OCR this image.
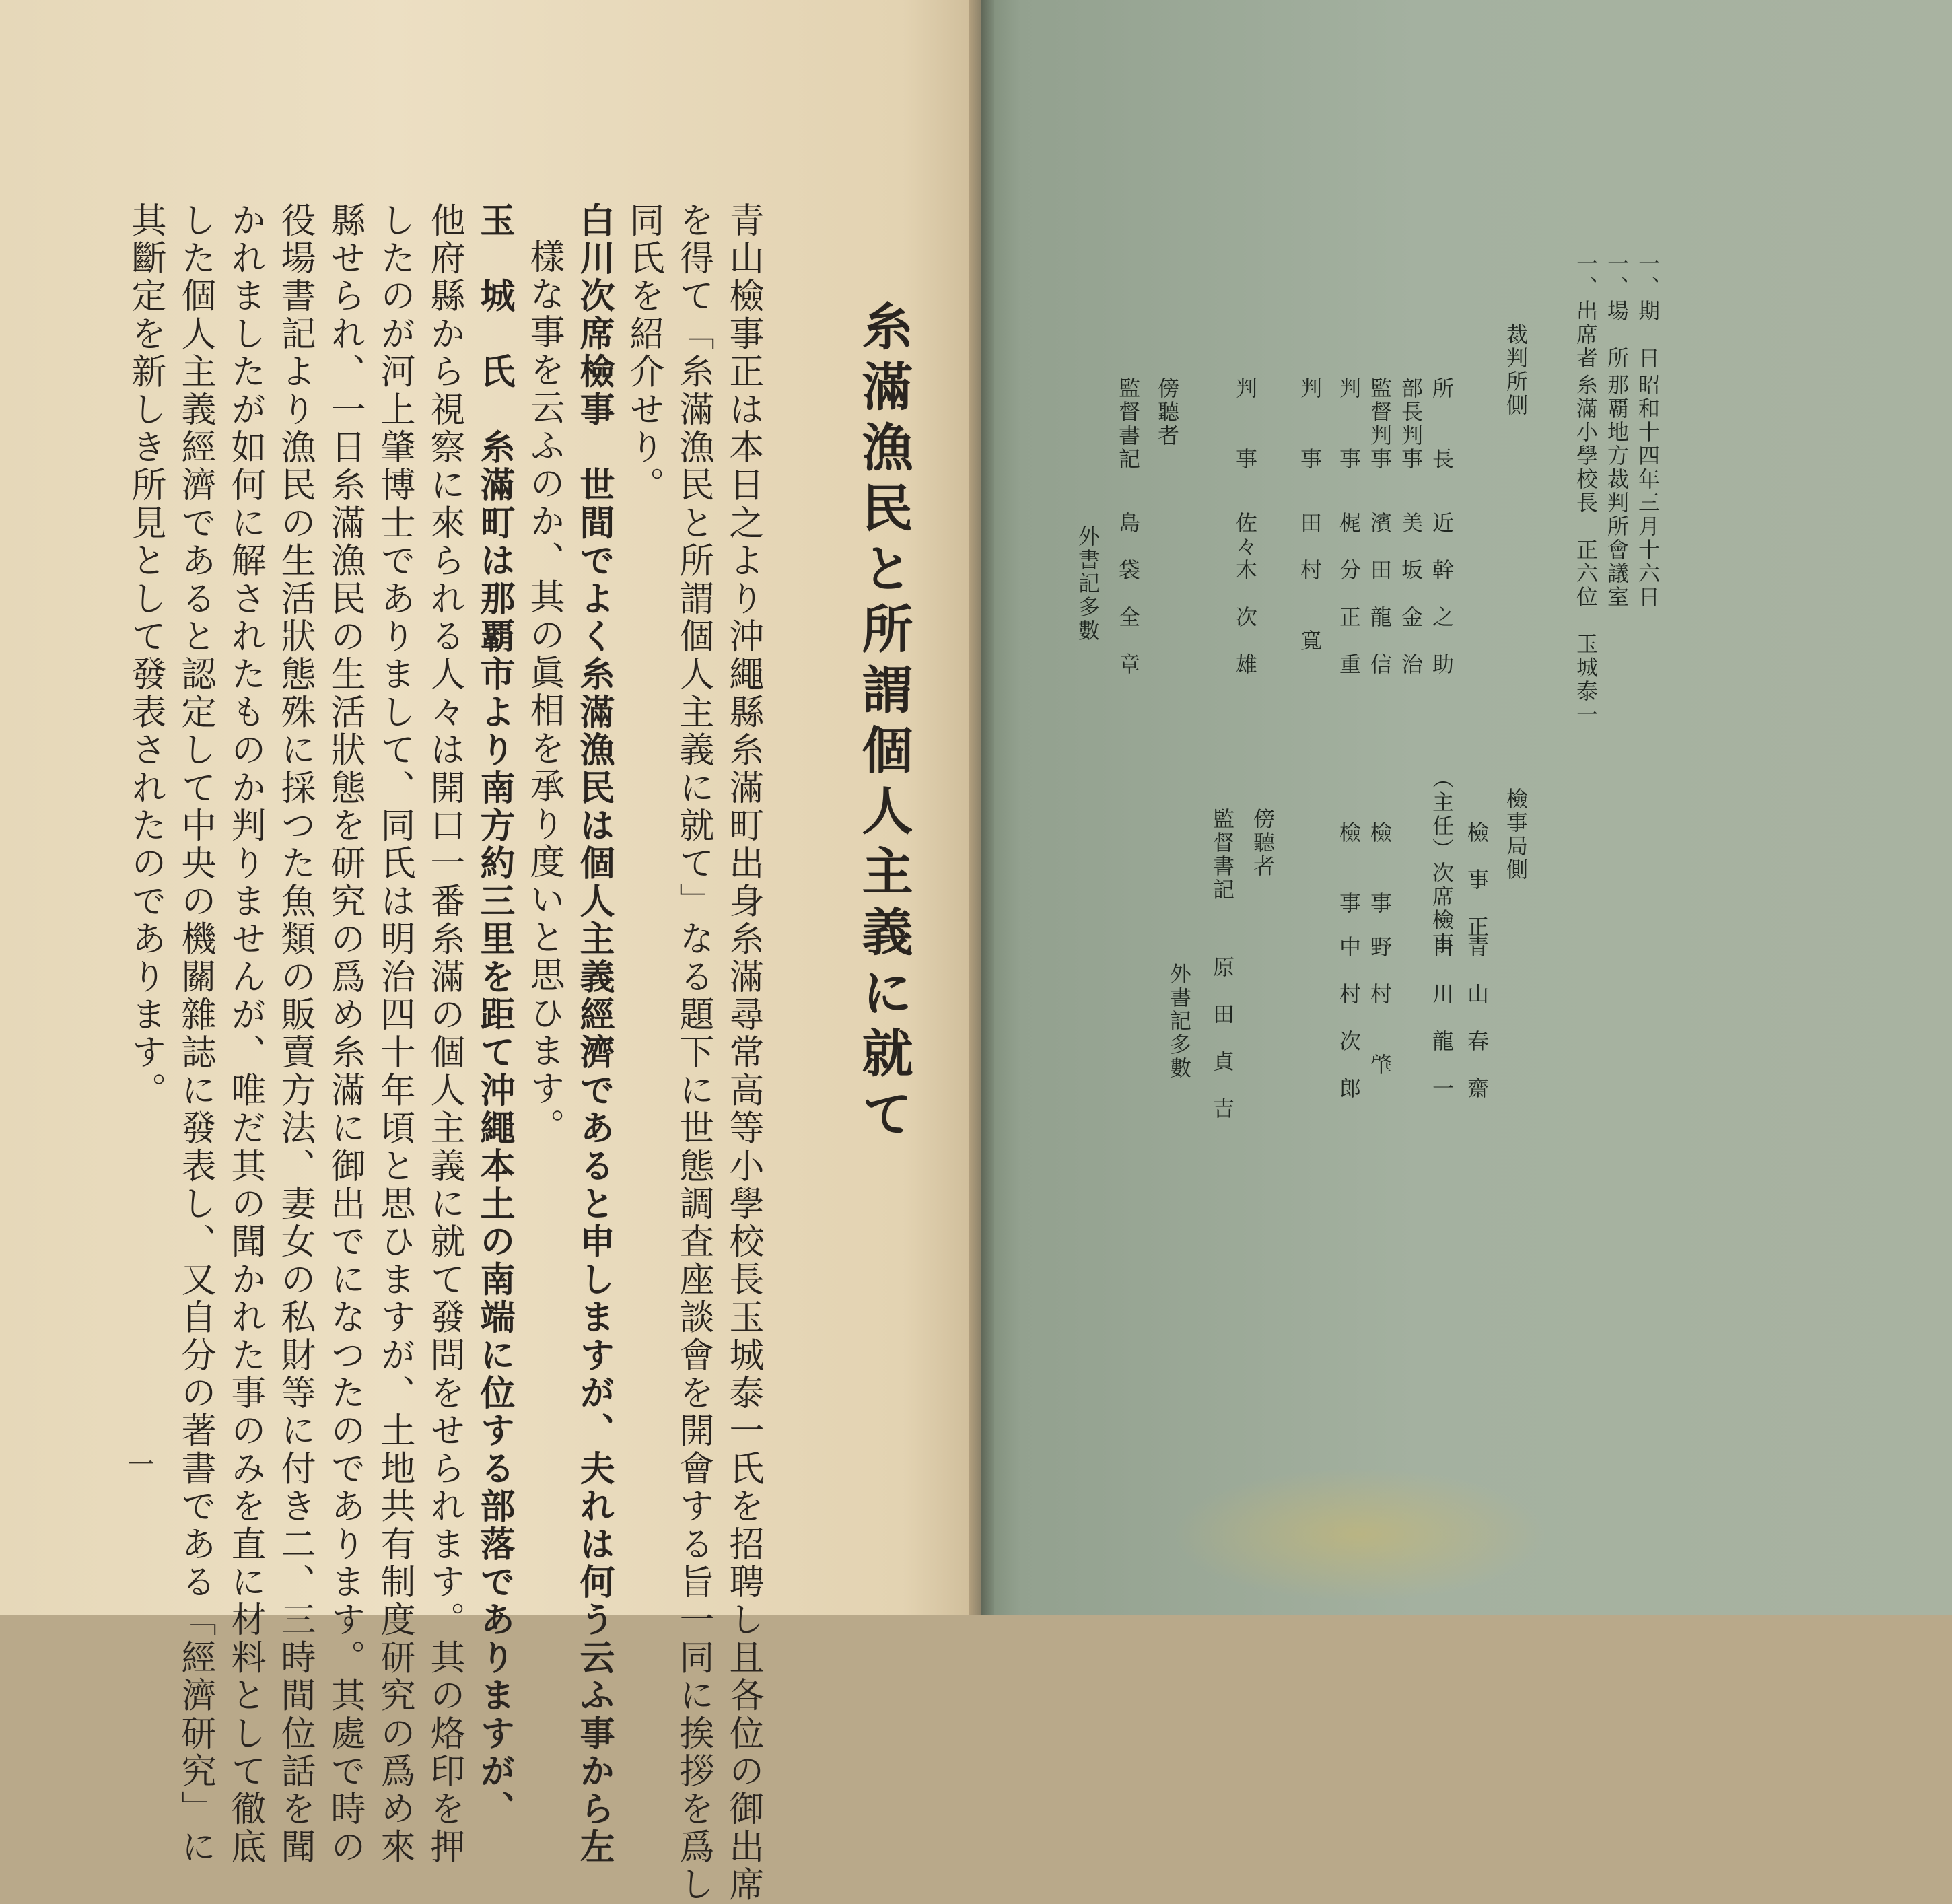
糸滿漁民と所謂個人主義に就て
青山檢事正は本日之より沖繩縣糸滿町出身糸滿尋常高等小學校長玉城泰一氏を招聘し且各位の御出席
を得て「糸滿漁民と所謂個人主義に就て」なる題下に世態調査座談會を開會する旨一同に挨拶を爲し
同氏を紹介せり。
白川次席檢事　世間でよく糸滿漁民は個人主義經濟であると申しますが、夫れは何う云ふ事から左
樣な事を云ふのか、其の眞相を承り度いと思ひます。
玉　城　氏　糸滿町は那覇市より南方約三里を距て沖繩本土の南端に位する部落でありますが、
他府縣から視察に來られる人々は開口一番糸滿の個人主義に就て發問をせられます。其の烙印を押
したのが河上肇博士でありまして、同氏は明治四十年頃と思ひますが、土地共有制度研究の爲め來
縣せられ、一日糸滿漁民の生活狀態を研究の爲め糸滿に御出でになつたのであります。其處で時の
役場書記より漁民の生活狀態殊に採つた魚類の販賣方法、妻女の私財等に付き二、三時間位話を聞
かれましたが如何に解されたものか判りませんが、唯だ其の聞かれた事のみを直に材料として徹底
した個人主義經濟であると認定して中央の機關雜誌に發表し、又自分の著書である「經濟研究」に
其斷定を新しき所見として發表されたのであります。
一
一、期　日
昭和十四年三月十六日
一、場　所
那覇地方裁判所會議室
一、出席者
糸滿小學校長　正六位　玉城泰一
裁判所側
所　　長
近　幹　之　助
部長判事
美　坂　金　治
監督判事
濱　田　龍　信
判　　事
梶　分　正　重
判　　事
田　村　　寬
判　　事
佐々木　次　雄
傍聽者
監督書記
島　袋　全　章
外書記多數
檢事局側
檢　事　正
青　山　春　齋
（主任）次席檢事
白　川　龍　一
檢　　事
野　村　　肇
檢　　事
中　村　次　郎
傍聽者
監督書記
原　田　貞　吉
外書記多數
